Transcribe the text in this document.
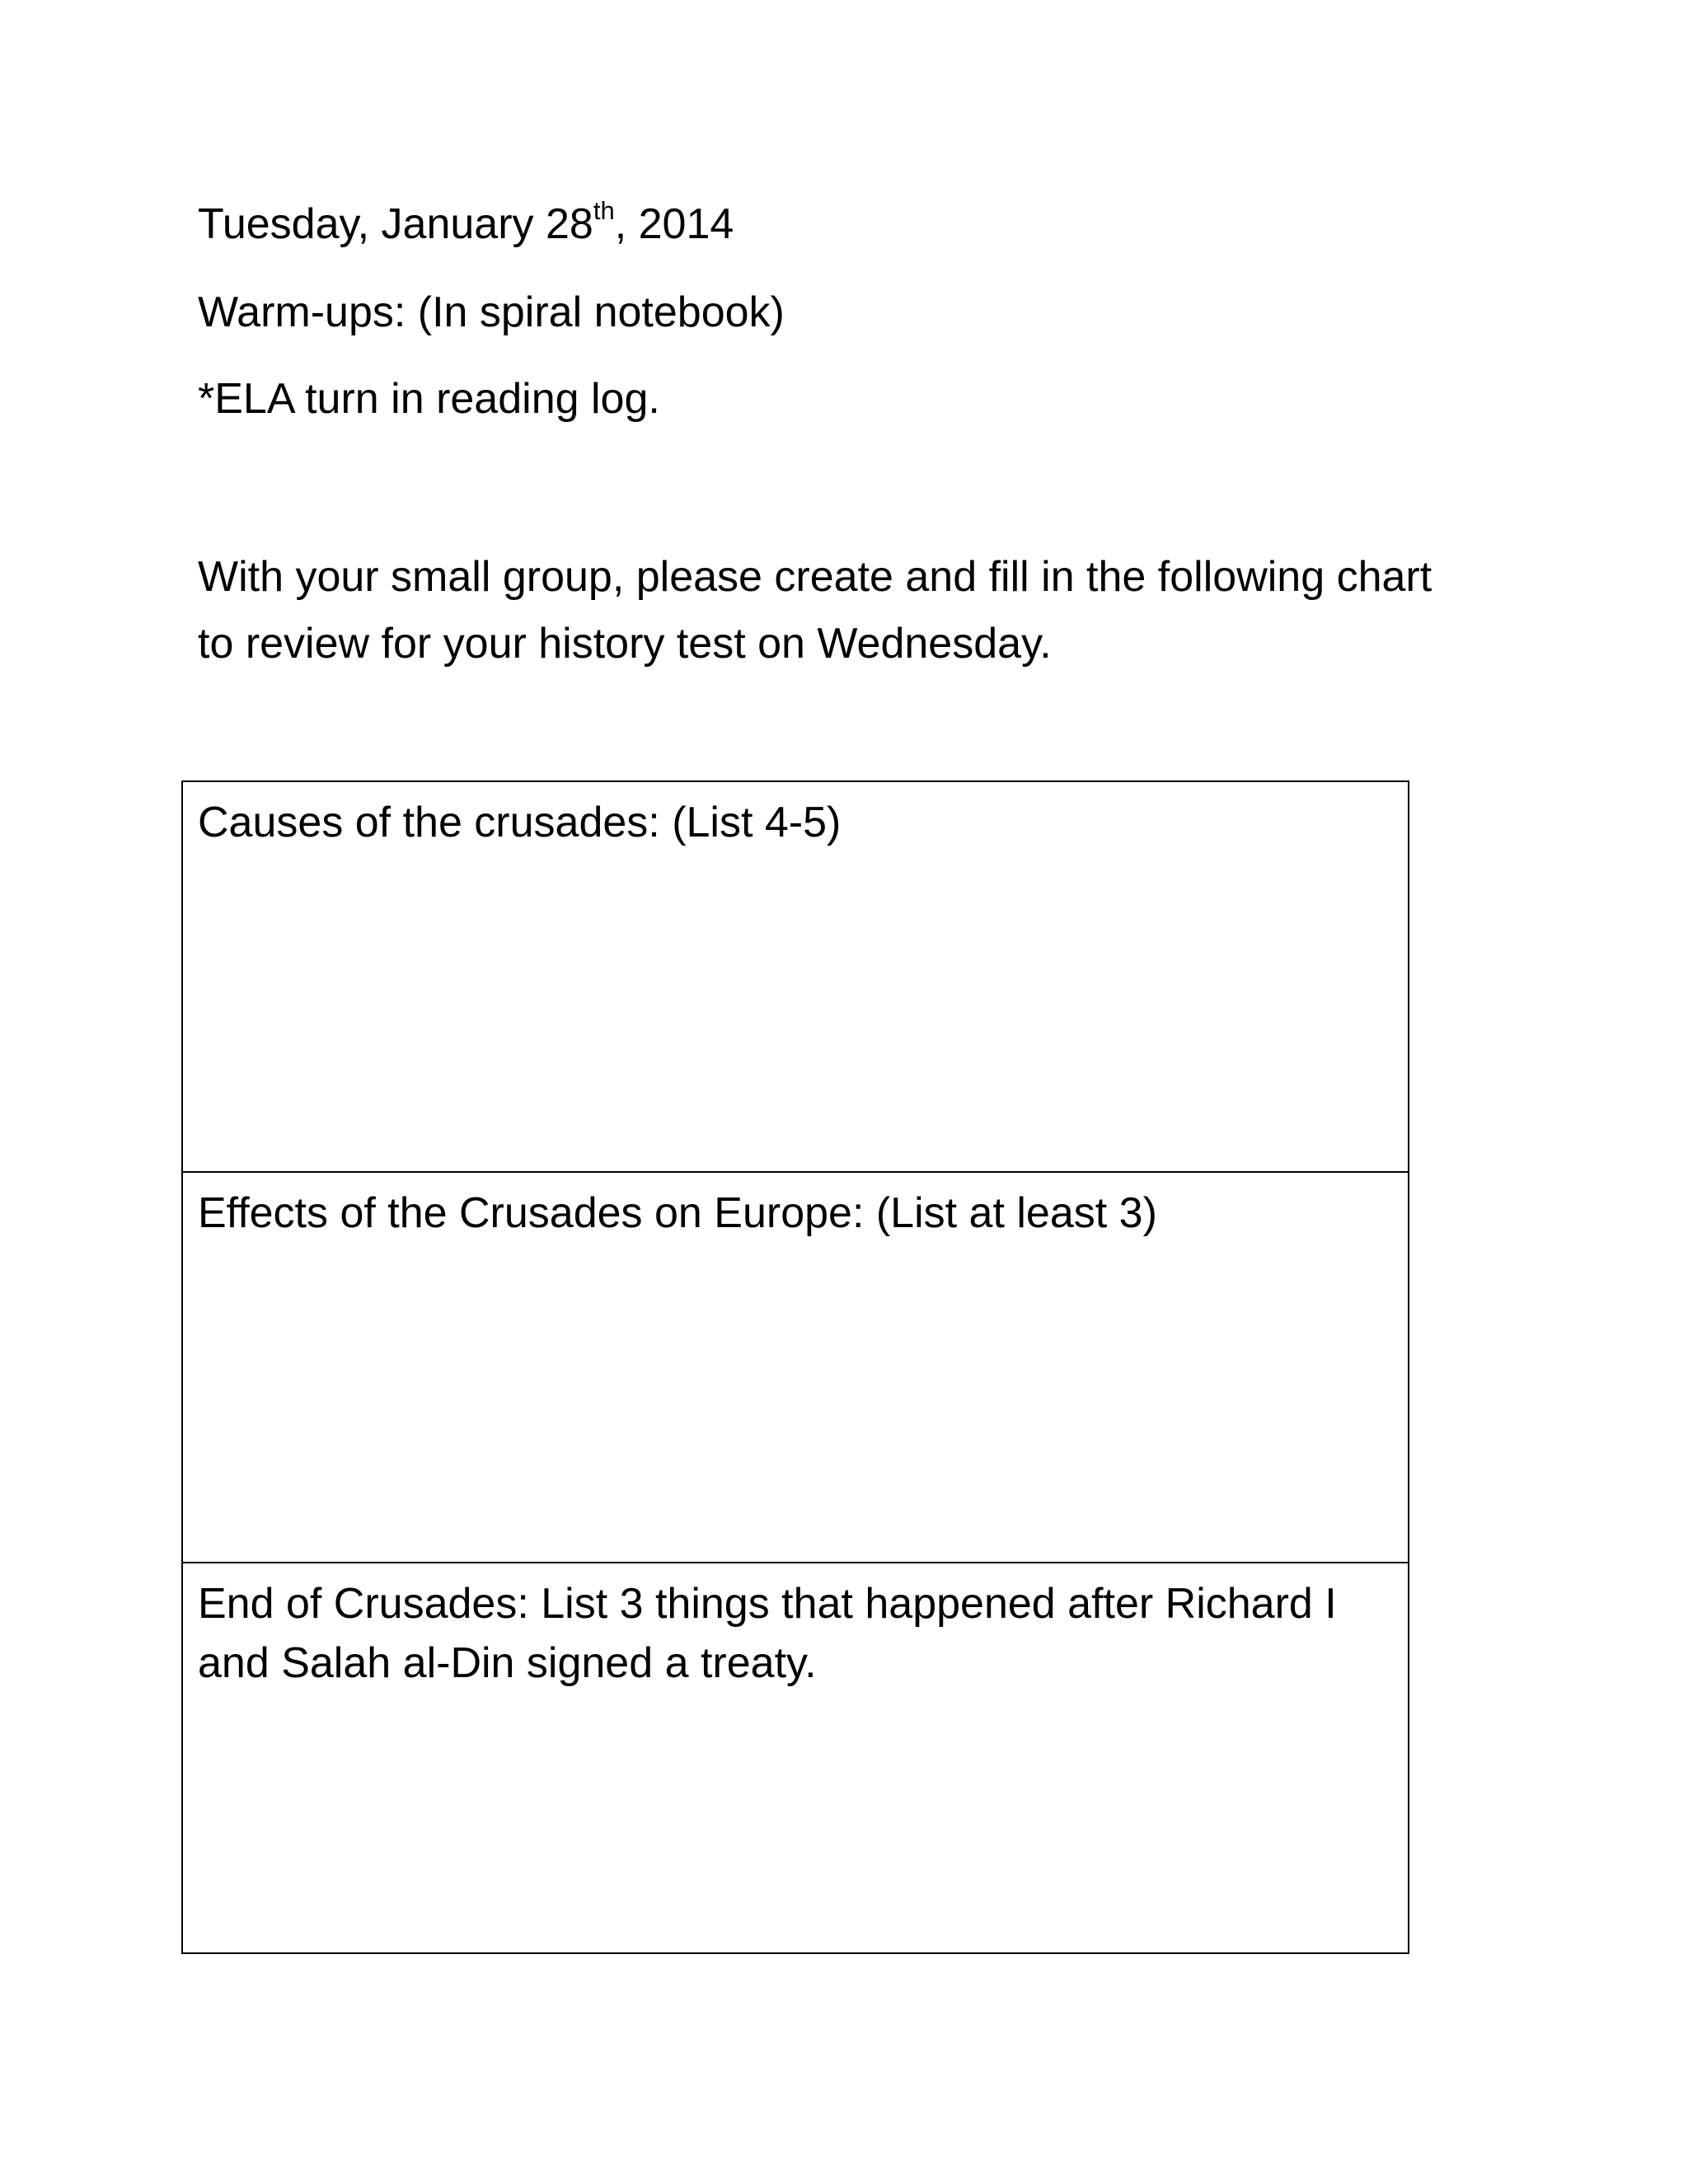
Tuesday, January 28th, 2014
Warm-ups: (In spiral notebook)
*ELA turn in reading log.
With your small group, please create and fill in the following chart to review for your history test on Wednesday.
Causes of the crusades: (List 4-5)
Effects of the Crusades on Europe: (List at least 3)
End of Crusades: List 3 things that happened after Richard I and Salah al-Din signed a treaty.
